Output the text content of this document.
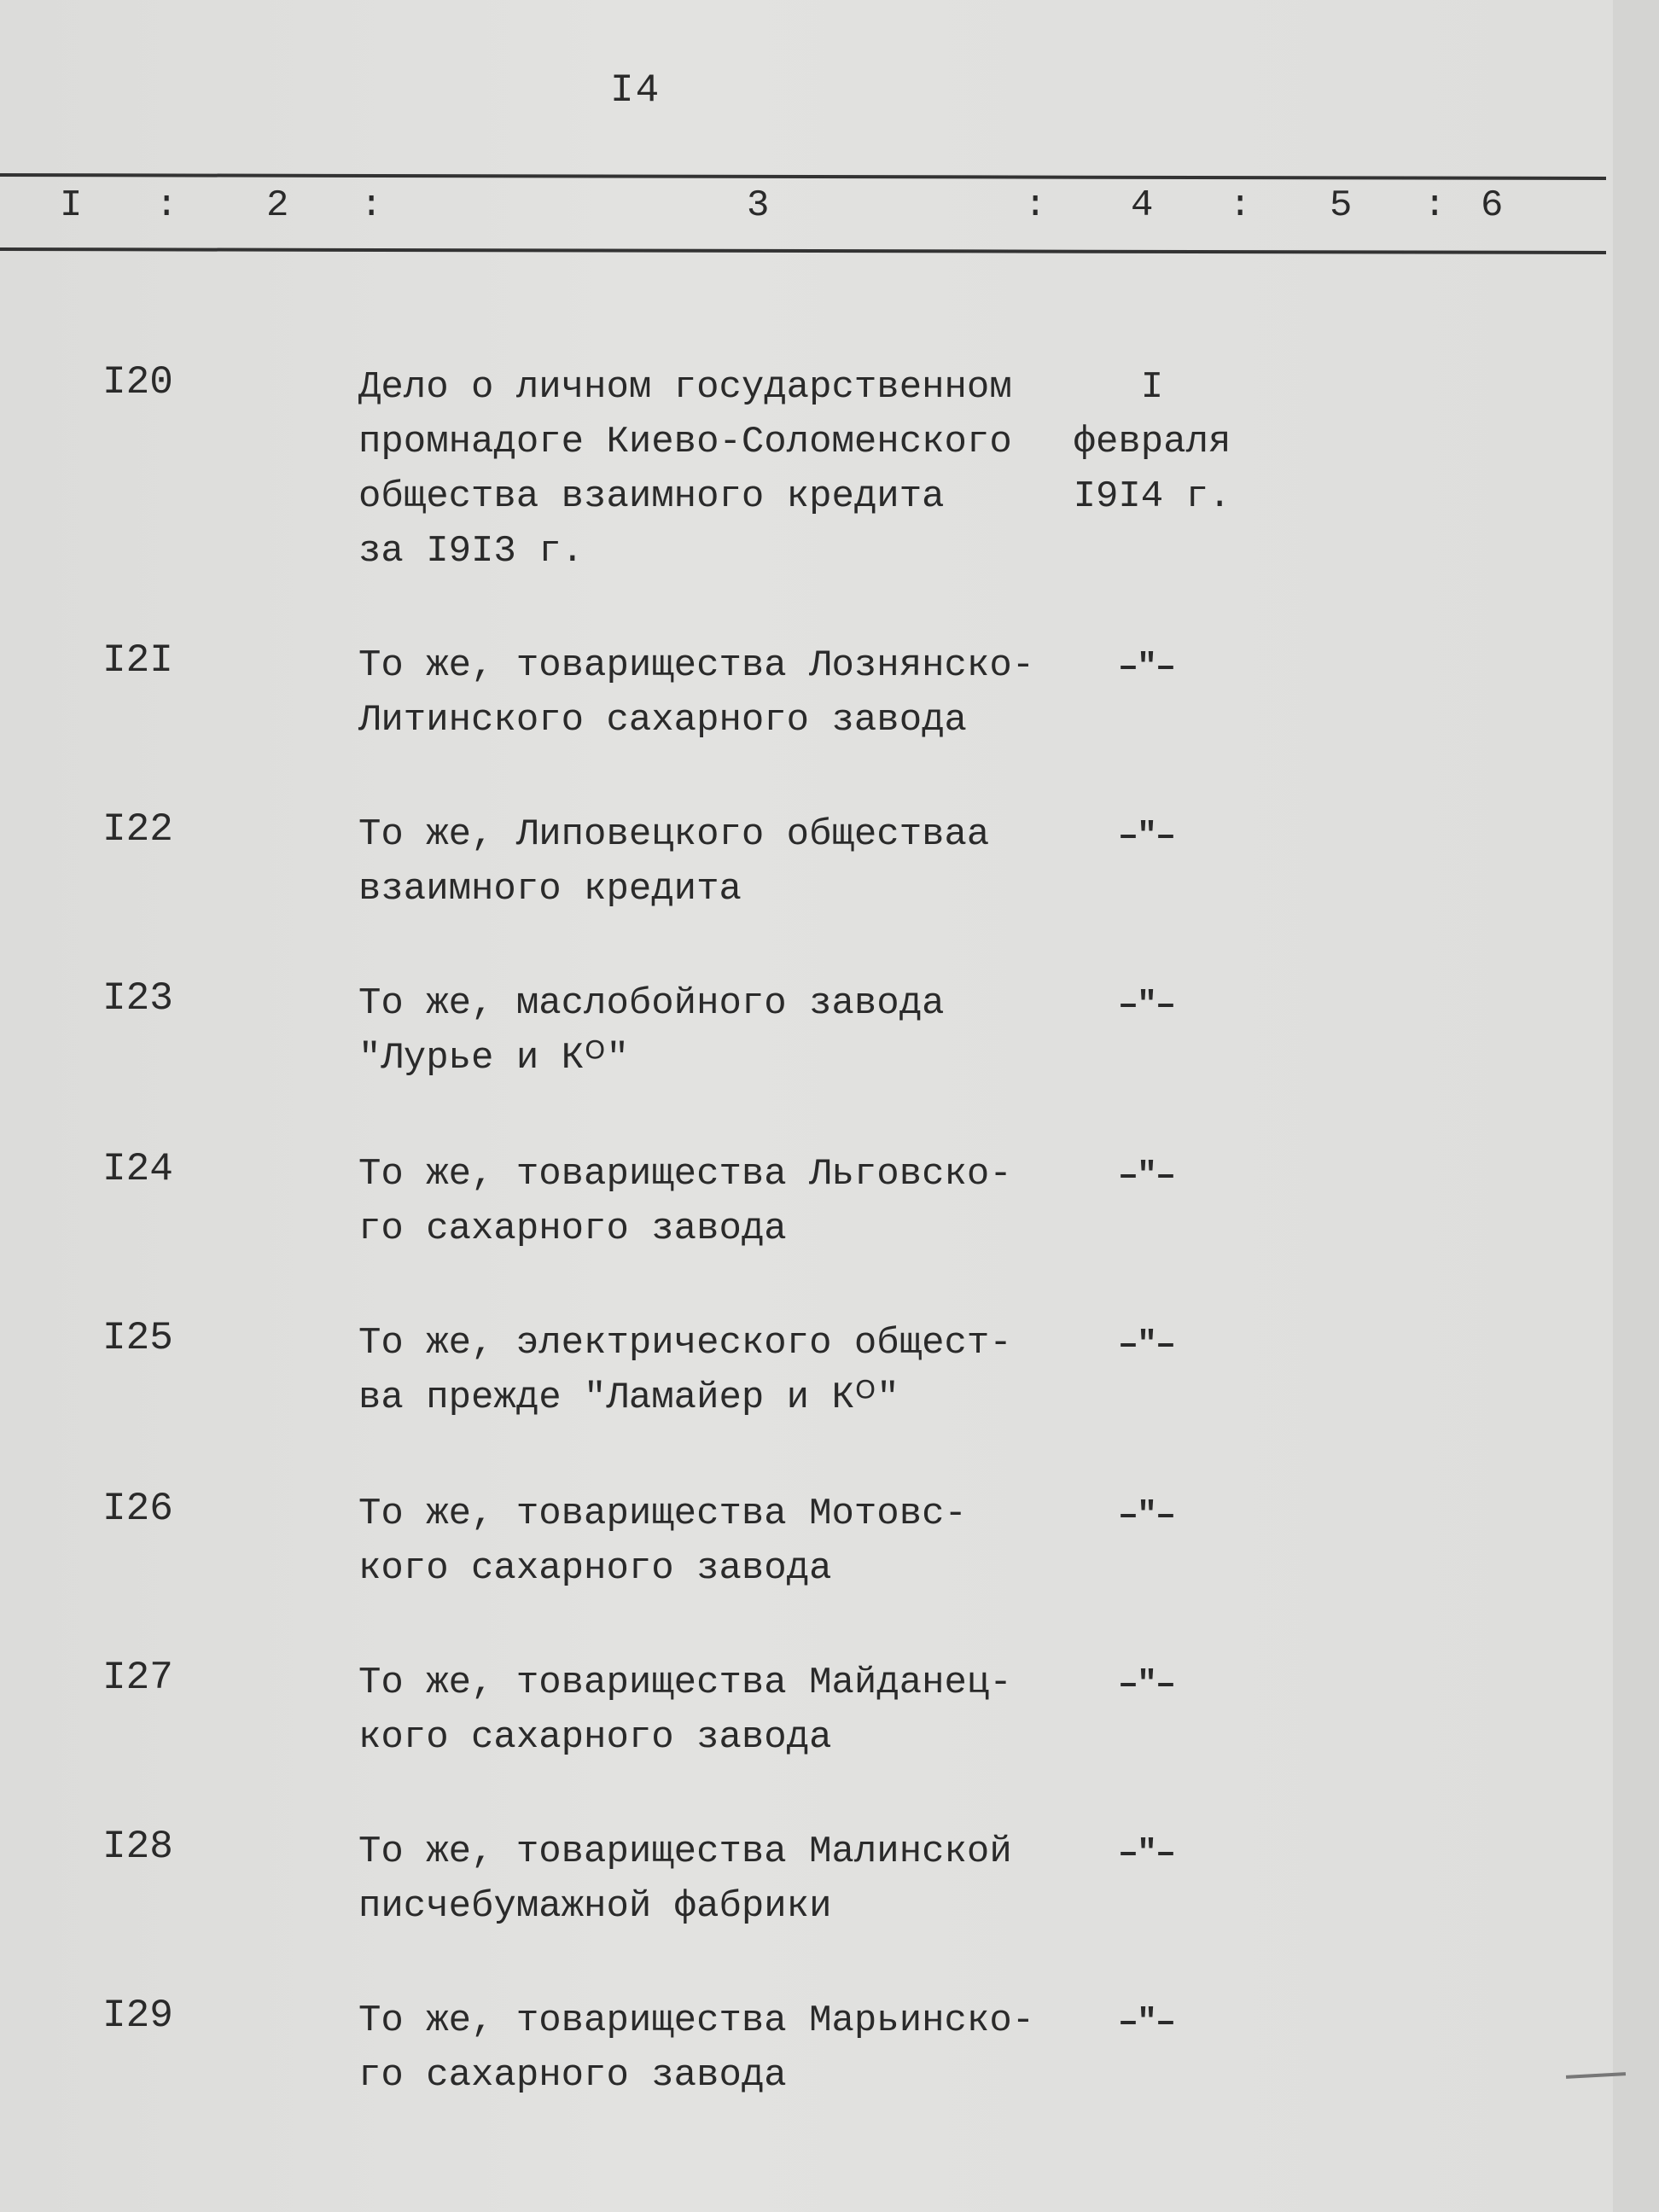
I4
I : 2 :	3	: 4 : 5 : 6
I20	Дело о личном государственном
промнадоге Киево-Соломенского
общества взаимного кредита
за I9I3 г.
I
февраля
I9I4 г.
I2I	То же, товарищества Лознянско-
Литинского сахарного завода
–"–
I22	То же, Липовецкого обществаа
взаимного кредита
–"–
I23	То же, маслобойного завода
"Лурье и Кᴼ"
–"–
I24	То же, товарищества Льговско-
го сахарного завода
–"–
I25	То же, электрического общест-
ва прежде "Ламайер и Кᴼ"
–"–
I26	То же, товарищества Мотовс-
кого сахарного завода
–"–
I27	То же, товарищества Майданец-
кого сахарного завода
–"–
I28	То же, товарищества Малинской
писчебумажной фабрики
–"–
I29	То же, товарищества Марьинско-
го сахарного завода
–"–
